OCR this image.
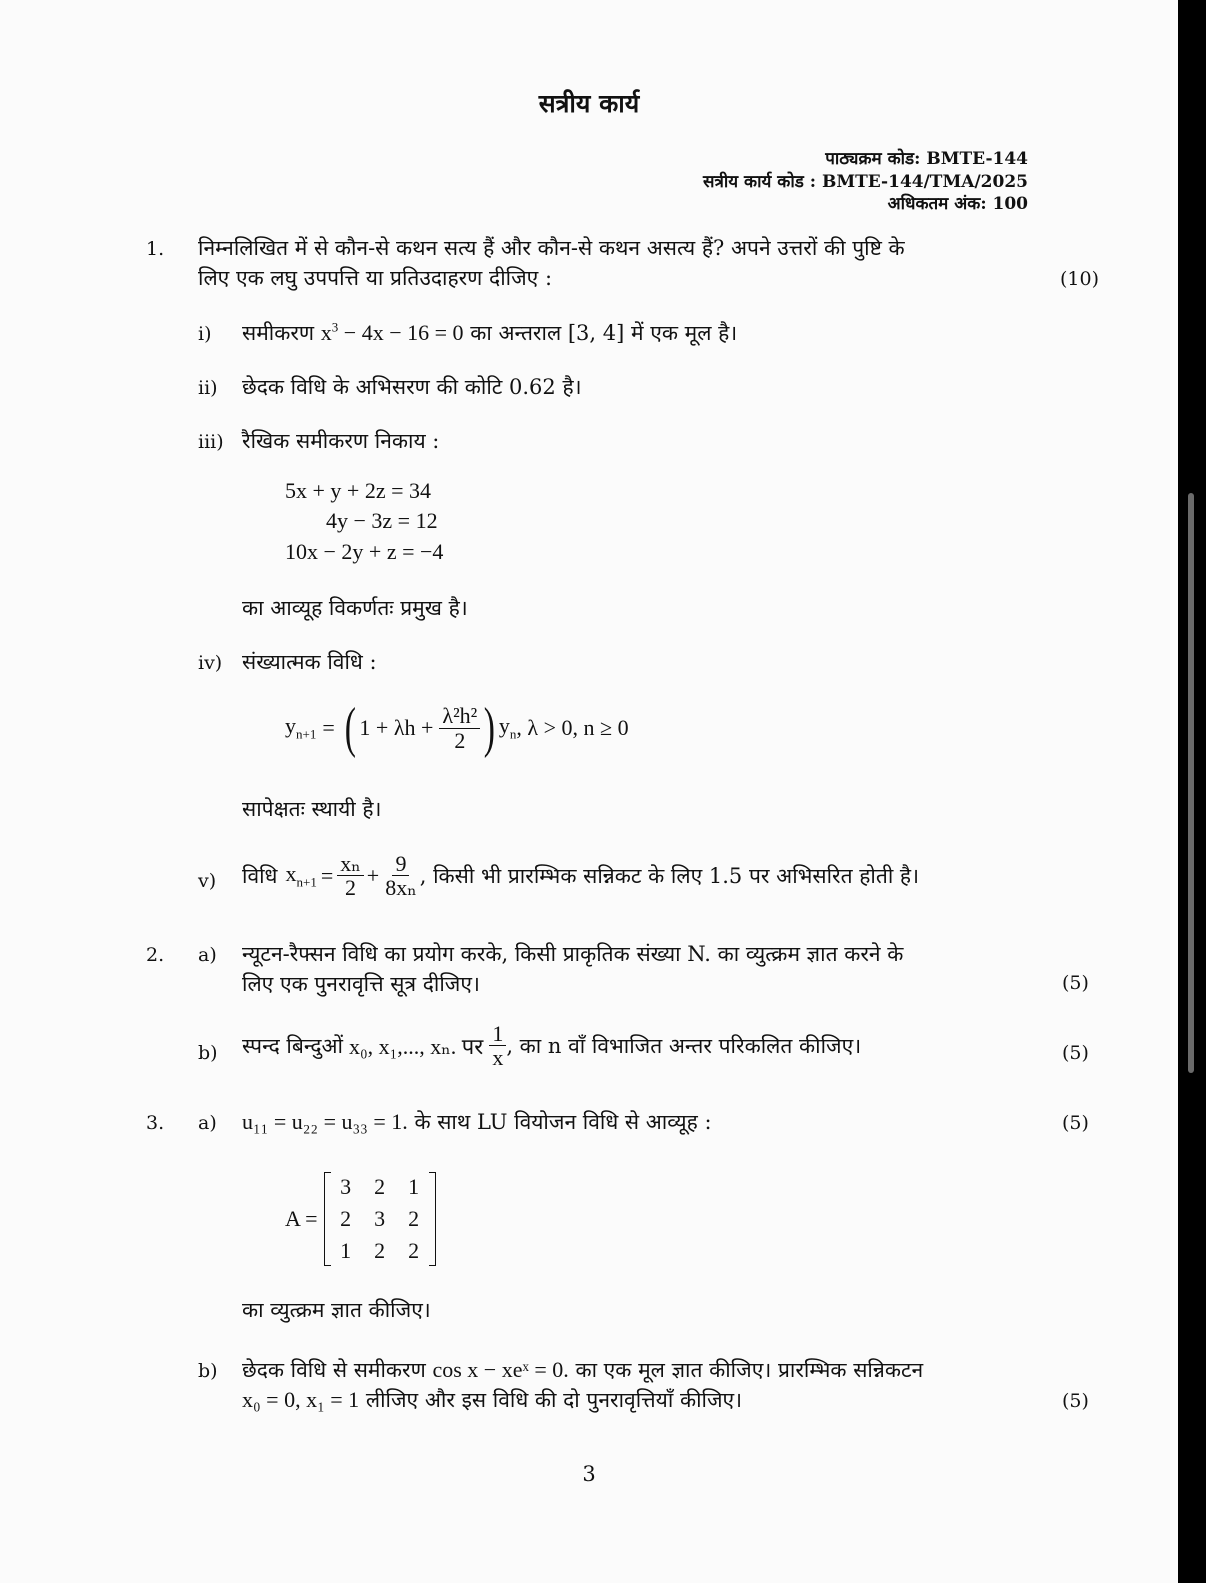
सत्रीय कार्य
पाठ्यक्रम कोड: BMTE-144
सत्रीय कार्य कोड : BMTE-144/TMA/2025
अधिकतम अंक: 100
1. निम्नलिखित में से कौन-से कथन सत्य हैं और कौन-से कथन असत्य हैं? अपने उत्तरों की पुष्टि के
लिए एक लघु उपपत्ति या प्रतिउदाहरण दीजिए :	(10)
i) समीकरण $x^3 - 4x - 16 = 0$ का अन्तराल [3, 4] में एक मूल है।
ii) छेदक विधि के अभिसरण की कोटि 0.62 है।
iii) रैखिक समीकरण निकाय :
5x + y + 2z = 34
4y − 3z = 12
10x − 2y + z = −4
का आव्यूह विकर्णतः प्रमुख है।
iv) संख्यात्मक विधि :
$y_{n+1}$ = ( $1 + \lambda h + \frac{\text{λ²h²}}{2}$ ) $y_n$ , λ > 0, n ≥ 0
सापेक्षतः स्थायी है।
v) विधि $x_{n+1} = \frac{\text{xₙ}}{2} + \frac{9}{\text{8xₙ}}$ , किसी भी प्रारम्भिक सन्निकट के लिए 1.5 पर अभिसरित होती है।
2. a) न्यूटन-रैफ्सन विधि का प्रयोग करके, किसी प्राकृतिक संख्या N. का व्युत्क्रम ज्ञात करने के
लिए एक पुनरावृत्ति सूत्र दीजिए।	(5)
b) स्पन्द बिन्दुओं x₀, x₁,..., xₙ. पर $\frac{1}{x}$ , का n वाँ विभाजित अन्तर परिकलित कीजिए।	(5)
3. a) u₁₁ = u₂₂ = u₃₃ = 1. के साथ LU वियोजन विधि से आव्यूह :	(5)
A =
3	2	1
2	3	2
1	2	2
का व्युत्क्रम ज्ञात कीजिए।
b) छेदक विधि से समीकरण cos x − xeˣ = 0. का एक मूल ज्ञात कीजिए। प्रारम्भिक सन्निकटन
x₀ = 0, x₁ = 1 लीजिए और इस विधि की दो पुनरावृत्तियाँ कीजिए।	(5)
3
